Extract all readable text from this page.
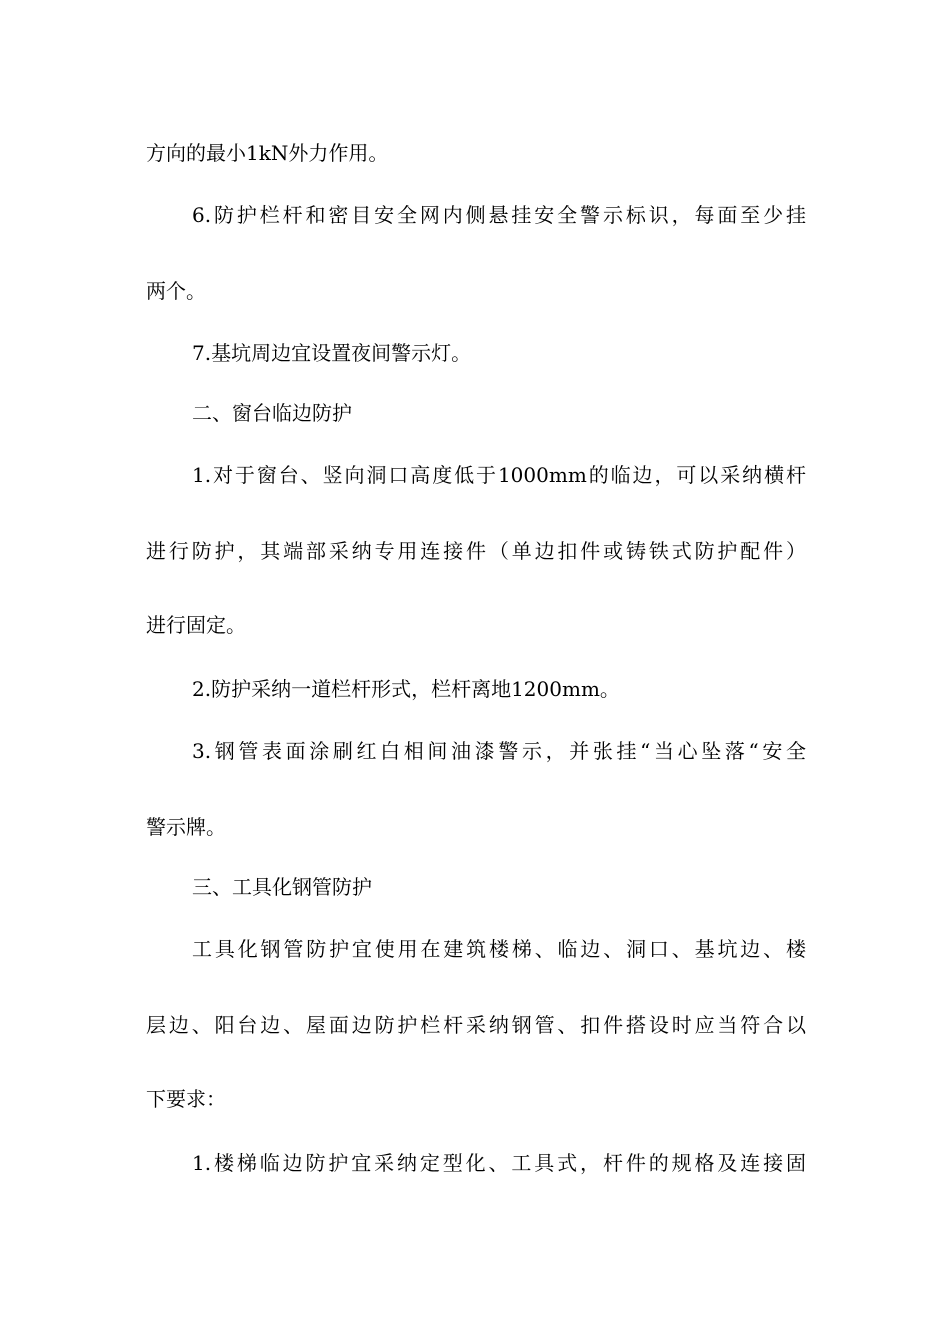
方向的最小1kN外力作用。
6.防护栏杆和密目安全网内侧悬挂安全警示标识，每面至少挂
两个。
7.基坑周边宜设置夜间警示灯。
二、窗台临边防护
1.对于窗台、竖向洞口高度低于1000mm的临边，可以采纳横杆
进行防护，其端部采纳专用连接件（单边扣件或铸铁式防护配件）
进行固定。
2.防护采纳一道栏杆形式，栏杆离地1200mm。
3.钢管表面涂刷红白相间油漆警示，并张挂“当心坠落“安全
警示牌。
三、工具化钢管防护
工具化钢管防护宜使用在建筑楼梯、临边、洞口、基坑边、楼
层边、阳台边、屋面边防护栏杆采纳钢管、扣件搭设时应当符合以
下要求：
1.楼梯临边防护宜采纳定型化、工具式，杆件的规格及连接固
